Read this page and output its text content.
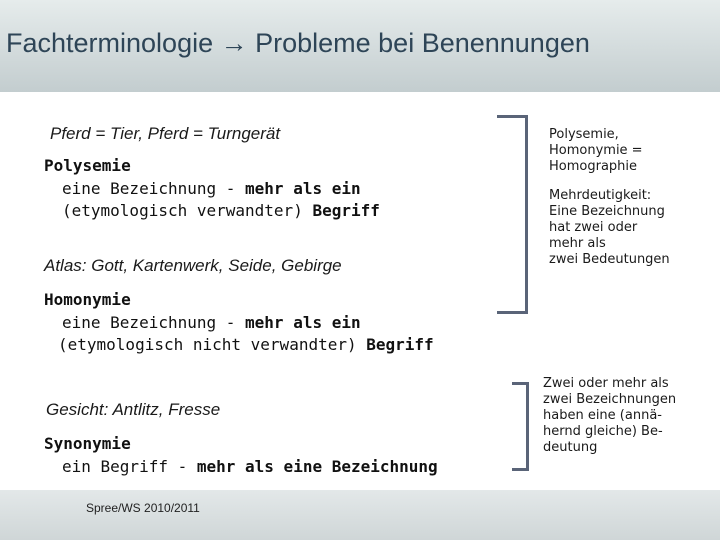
Fachterminologie → Probleme bei Benennungen
Pferd = Tier, Pferd = Turngerät
Polysemie
eine Bezeichnung - mehr als ein
(etymologisch verwandter) Begriff
Atlas: Gott, Kartenwerk, Seide, Gebirge
Homonymie
eine Bezeichnung - mehr als ein
(etymologisch nicht verwandter) Begriff
Gesicht: Antlitz, Fresse
Synonymie
ein Begriff - mehr als eine Bezeichnung
Polysemie,
Homonymie =
Homographie
Mehrdeutigkeit:
Eine Bezeichnung
hat zwei oder
mehr als
zwei Bedeutungen
Zwei oder mehr als
zwei Bezeichnungen
haben eine (annä-
hernd gleiche) Be-
deutung
Spree/WS 2010/2011
